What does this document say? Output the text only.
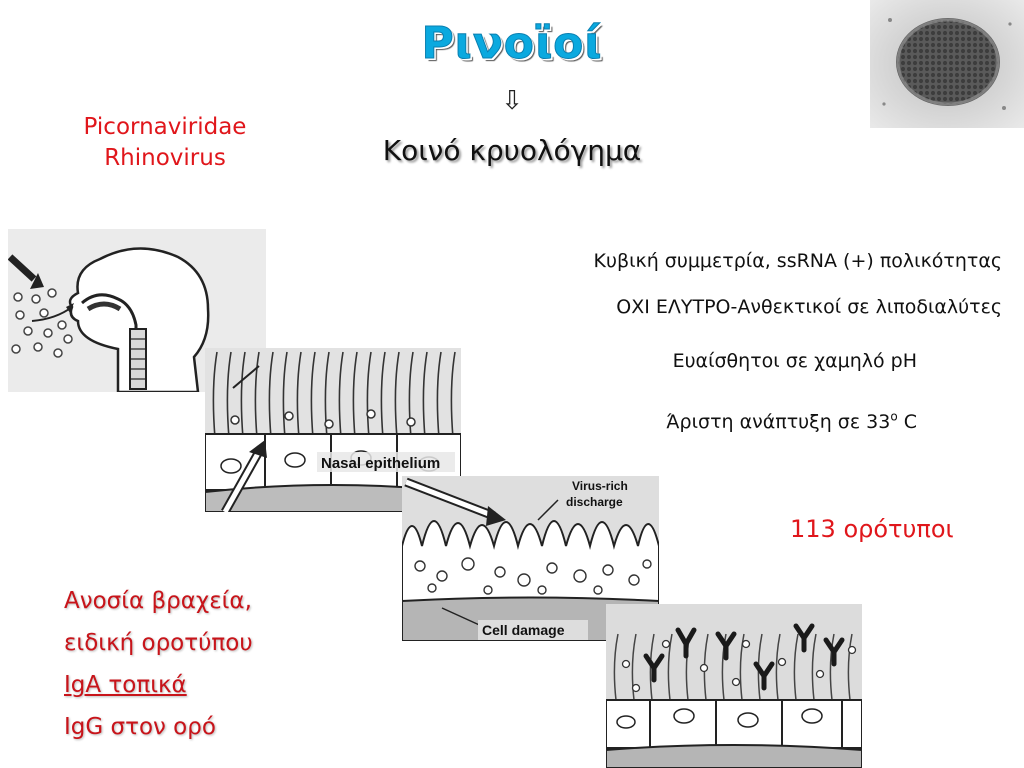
Ρινοϊοί
⇩
Κοινό κρυολόγημα
Picornaviridae
Rhinovirus
Κυβική συμμετρία, ssRNA (+) πολικότητας
ΟΧΙ ΕΛΥΤΡΟ-Ανθεκτικοί σε λιποδιαλύτες
Ευαίσθητοι σε χαμηλό pH
Άριστη ανάπτυξη σε $33^o$ C
113 ορότυποι
Ανοσία βραχεία,
ειδική οροτύπου
IgA τοπικά
IgG στον ορό
Nasal epithelium
Virus-rich
discharge
Cell damage
